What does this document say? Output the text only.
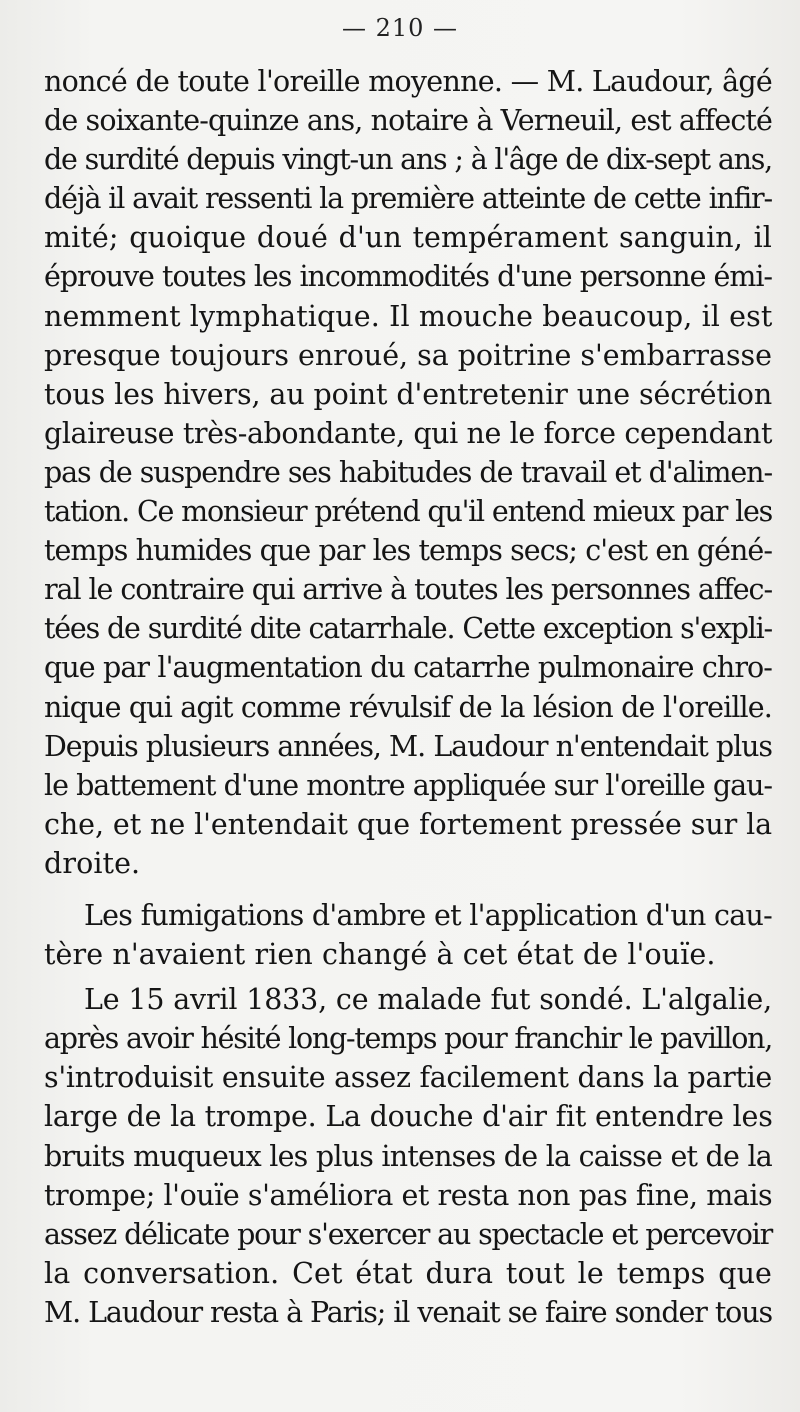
— 210 —
noncé de toute l'oreille moyenne. — M. Laudour, âgé
de soixante-quinze ans, notaire à Verneuil, est affecté
de surdité depuis vingt-un ans ; à l'âge de dix-sept ans,
déjà il avait ressenti la première atteinte de cette infir-
mité; quoique doué d'un tempérament sanguin, il
éprouve toutes les incommodités d'une personne émi-
nemment lymphatique. Il mouche beaucoup, il est
presque toujours enroué, sa poitrine s'embarrasse
tous les hivers, au point d'entretenir une sécrétion
glaireuse très-abondante, qui ne le force cependant
pas de suspendre ses habitudes de travail et d'alimen-
tation. Ce monsieur prétend qu'il entend mieux par les
temps humides que par les temps secs; c'est en géné-
ral le contraire qui arrive à toutes les personnes affec-
tées de surdité dite catarrhale. Cette exception s'expli-
que par l'augmentation du catarrhe pulmonaire chro-
nique qui agit comme révulsif de la lésion de l'oreille.
Depuis plusieurs années, M. Laudour n'entendait plus
le battement d'une montre appliquée sur l'oreille gau-
che, et ne l'entendait que fortement pressée sur la
droite.
Les fumigations d'ambre et l'application d'un cau-
tère n'avaient rien changé à cet état de l'ouïe.
Le 15 avril 1833, ce malade fut sondé. L'algalie,
après avoir hésité long-temps pour franchir le pavillon,
s'introduisit ensuite assez facilement dans la partie
large de la trompe. La douche d'air fit entendre les
bruits muqueux les plus intenses de la caisse et de la
trompe; l'ouïe s'améliora et resta non pas fine, mais
assez délicate pour s'exercer au spectacle et percevoir
la conversation. Cet état dura tout le temps que
M. Laudour resta à Paris; il venait se faire sonder tous
